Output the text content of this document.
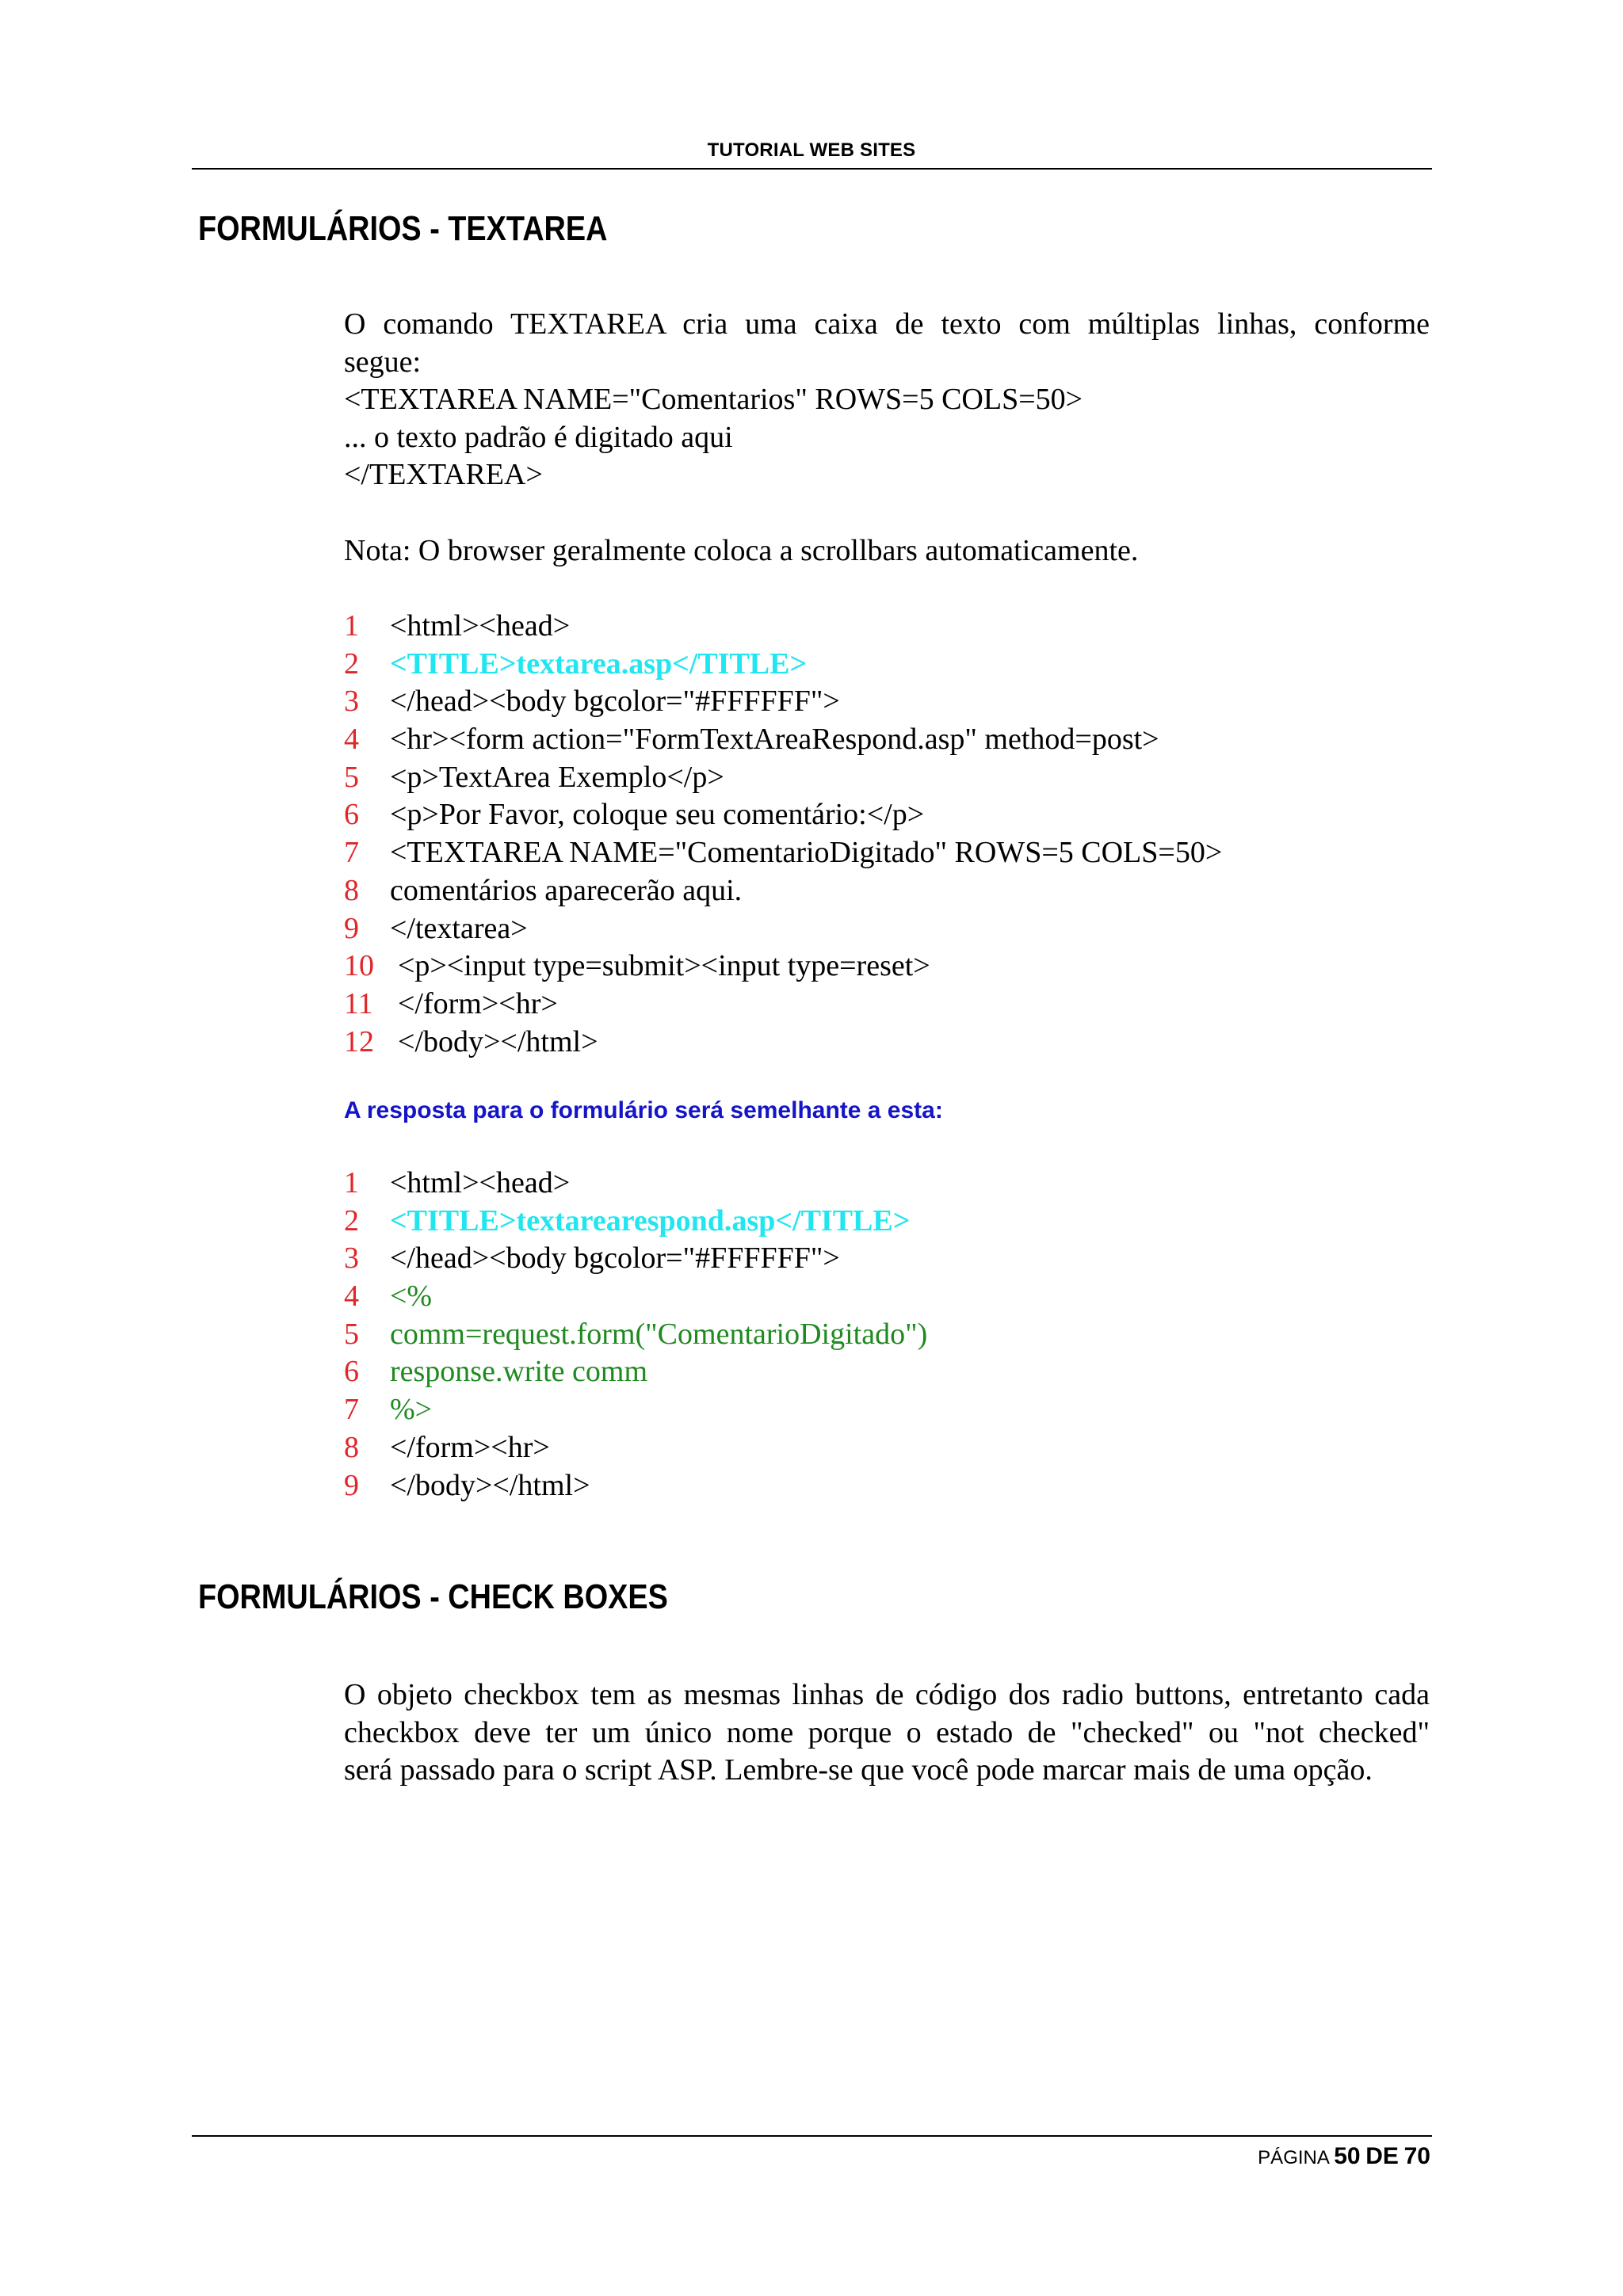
TUTORIAL WEB SITES
FORMULÁRIOS - TEXTAREA
O comando TEXTAREA cria uma caixa de texto com múltiplas linhas, conforme
segue:
<TEXTAREA NAME="Comentarios" ROWS=5 COLS=50>
... o texto padrão é digitado aqui
</TEXTAREA>
Nota: O browser geralmente coloca a scrollbars automaticamente.
1 <html><head>
2 <TITLE>textarea.asp</TITLE>
3 </head><body bgcolor="#FFFFFF">
4 <hr><form action="FormTextAreaRespond.asp" method=post>
5 <p>TextArea Exemplo</p>
6 <p>Por Favor, coloque seu comentário:</p>
7 <TEXTAREA NAME="ComentarioDigitado" ROWS=5 COLS=50>
8 comentários aparecerão aqui.
9 </textarea>
10 <p><input type=submit><input type=reset>
11 </form><hr>
12 </body></html>
A resposta para o formulário será semelhante a esta:
1 <html><head>
2 <TITLE>textarearespond.asp</TITLE>
3 </head><body bgcolor="#FFFFFF">
4 <%
5 comm=request.form("ComentarioDigitado")
6 response.write comm
7 %>
8 </form><hr>
9 </body></html>
FORMULÁRIOS - CHECK BOXES
O objeto checkbox tem as mesmas linhas de código dos radio buttons, entretanto cada
checkbox deve ter um único nome porque o estado de "checked" ou "not checked"
será passado para o script ASP. Lembre-se que você pode marcar mais de uma opção.
PÁGINA 50 DE 70
